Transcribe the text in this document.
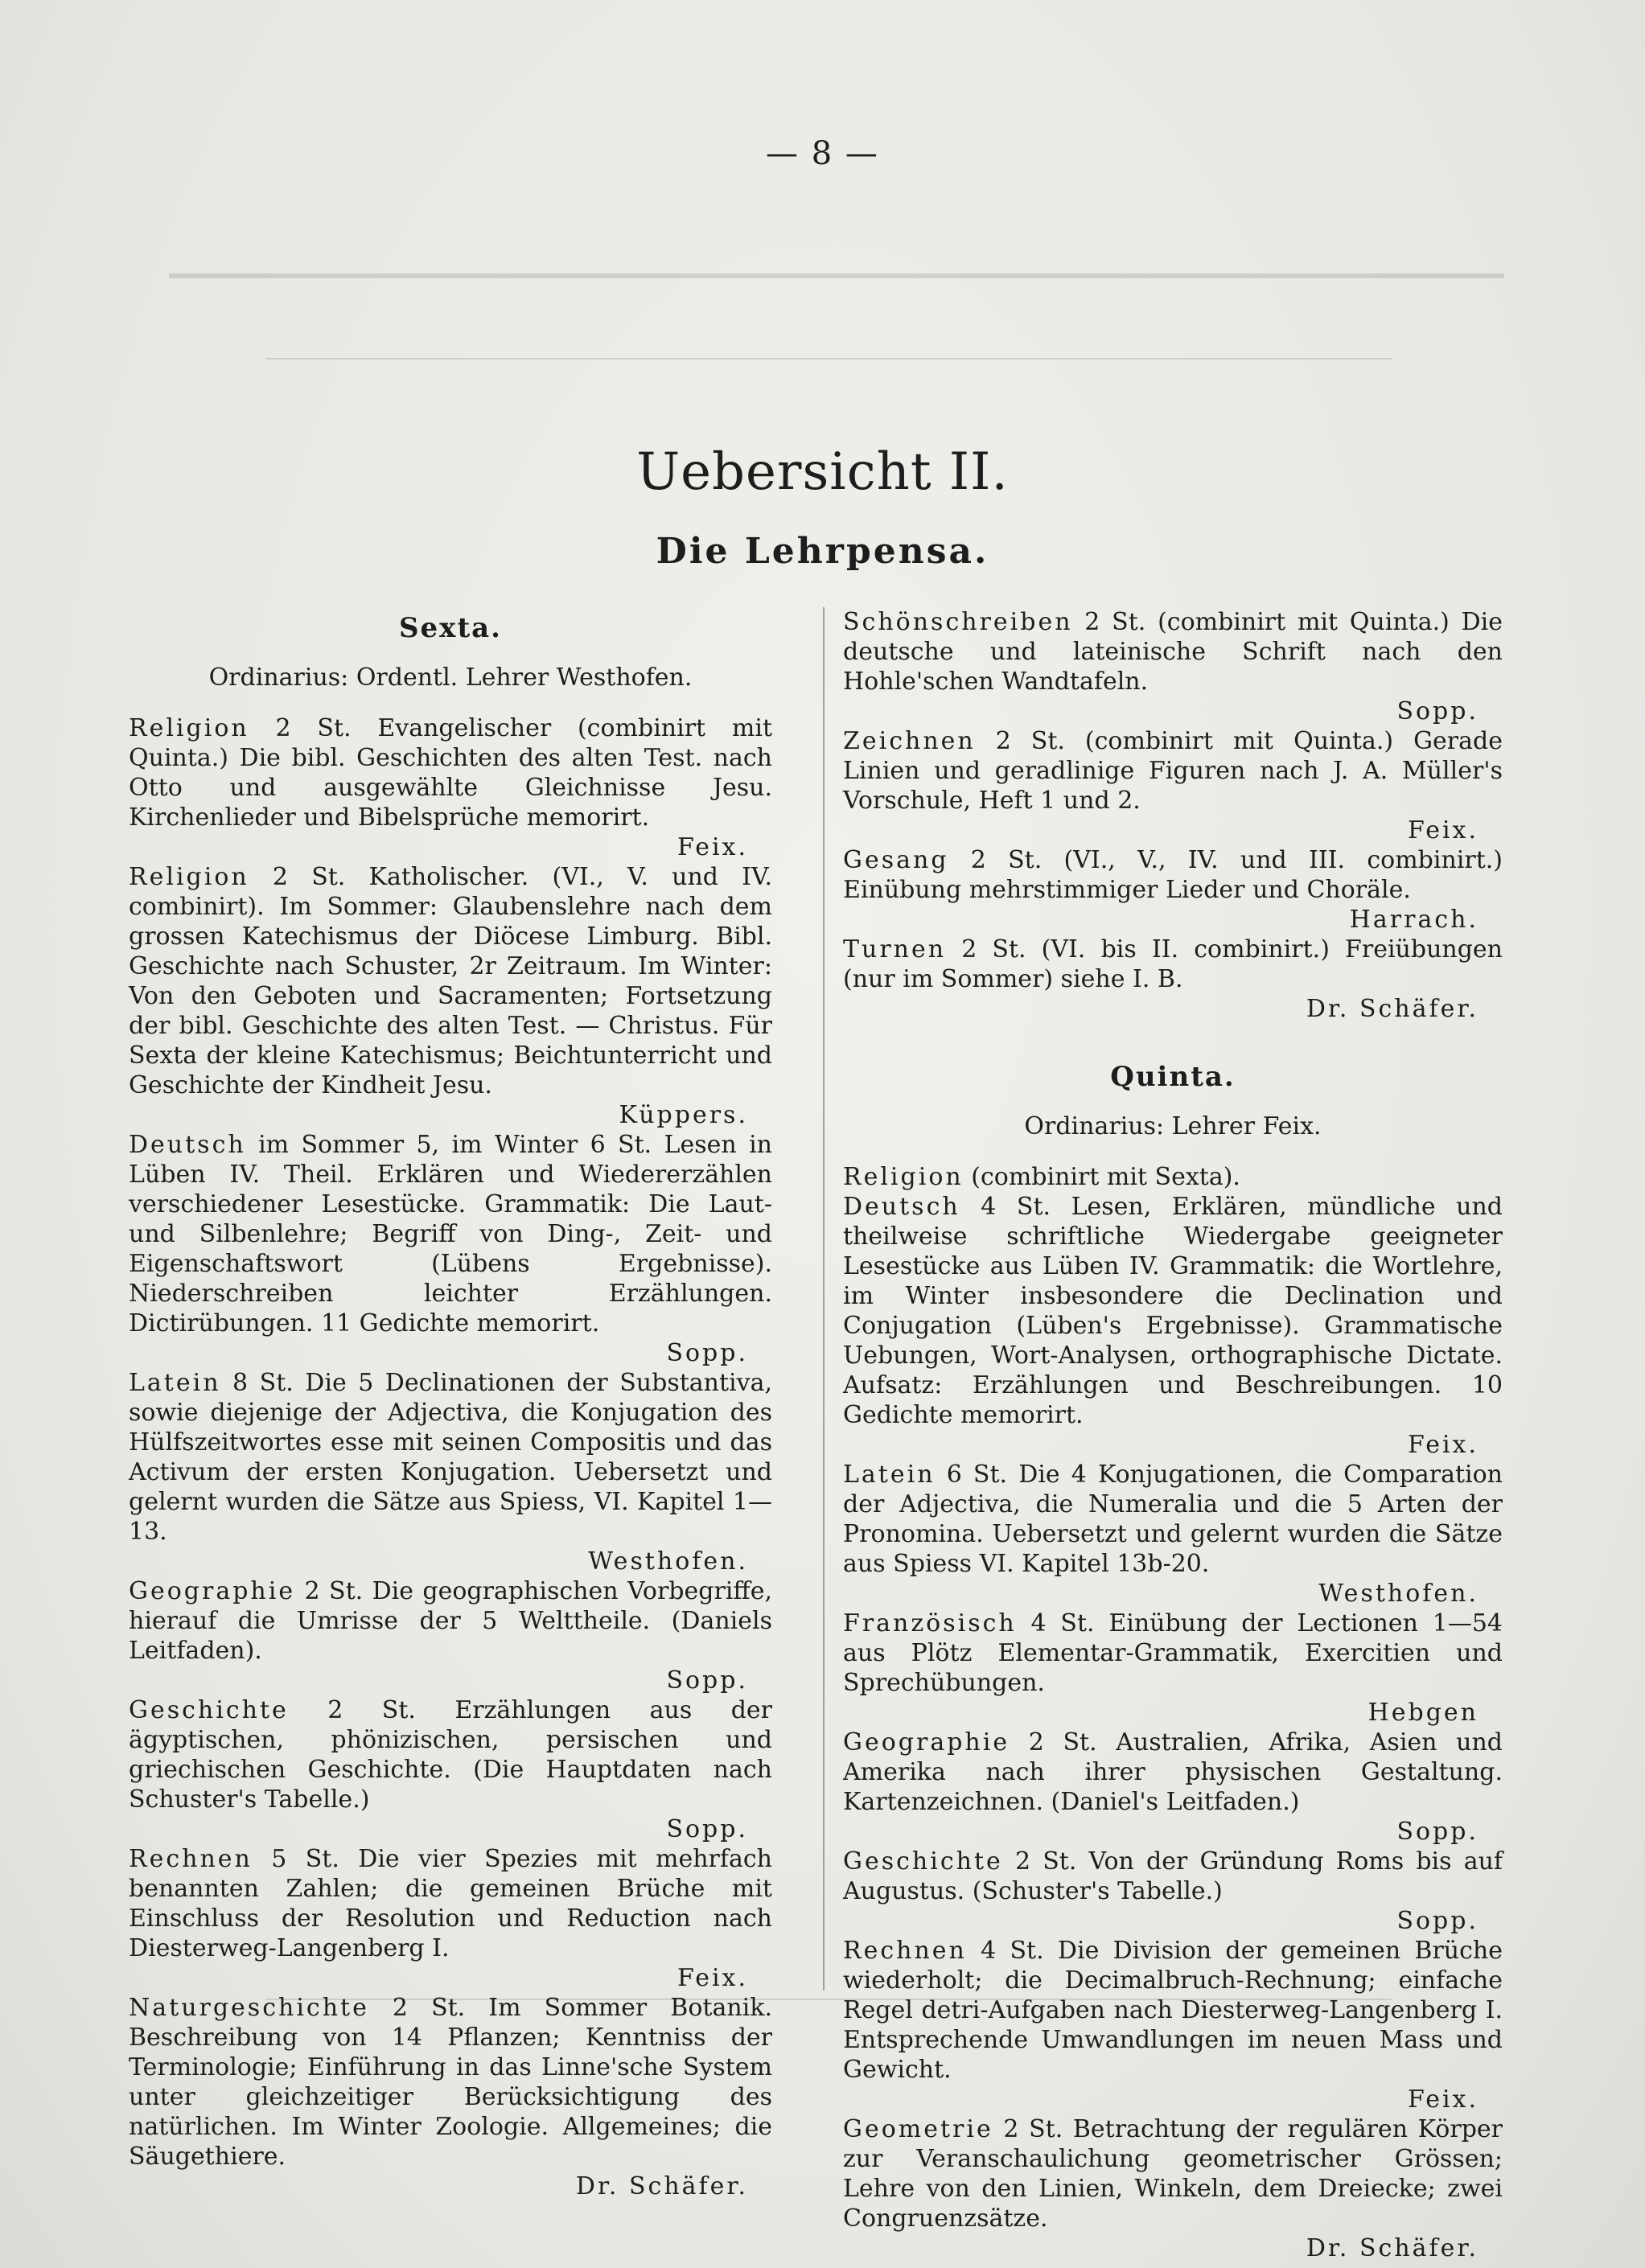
— 8 —
Uebersicht II.
Die Lehrpensa.
Sexta.
Ordinarius: Ordentl. Lehrer Westhofen.

Religion 2 St. Evangelischer (combinirt mit Quinta.) Die bibl. Geschichten des alten Test. nach Otto und ausgewählte Gleichnisse Jesu. Kirchenlieder und Bibelsprüche memorirt.
Feix.

Religion 2 St. Katholischer. (VI., V. und IV. combinirt). Im Sommer: Glaubenslehre nach dem grossen Katechismus der Diöcese Limburg. Bibl. Geschichte nach Schuster, 2r Zeitraum. Im Winter: Von den Geboten und Sacramenten; Fortsetzung der bibl. Geschichte des alten Test. — Christus. Für Sexta der kleine Katechismus; Beichtunterricht und Geschichte der Kindheit Jesu.
Küppers.

Deutsch im Sommer 5, im Winter 6 St. Lesen in Lüben IV. Theil. Erklären und Wiedererzählen verschiedener Lesestücke. Grammatik: Die Laut- und Silbenlehre; Begriff von Ding-, Zeit- und Eigenschaftswort (Lübens Ergebnisse). Niederschreiben leichter Erzählungen. Dictirübungen. 11 Gedichte memorirt.
Sopp.

Latein 8 St. Die 5 Declinationen der Substantiva, sowie diejenige der Adjectiva, die Konjugation des Hülfszeitwortes esse mit seinen Compositis und das Activum der ersten Konjugation. Uebersetzt und gelernt wurden die Sätze aus Spiess, VI. Kapitel 1—13.
Westhofen.

Geographie 2 St. Die geographischen Vorbegriffe, hierauf die Umrisse der 5 Welttheile. (Daniels Leitfaden).
Sopp.

Geschichte 2 St. Erzählungen aus der ägyptischen, phönizischen, persischen und griechischen Geschichte. (Die Hauptdaten nach Schuster's Tabelle.)
Sopp.

Rechnen 5 St. Die vier Spezies mit mehrfach benannten Zahlen; die gemeinen Brüche mit Einschluss der Resolution und Reduction nach Diesterweg-Langenberg I.
Feix.

Naturgeschichte 2 St. Im Sommer Botanik. Beschreibung von 14 Pflanzen; Kenntniss der Terminologie; Einführung in das Linne'sche System unter gleichzeitiger Berücksichtigung des natürlichen. Im Winter Zoologie. Allgemeines; die Säugethiere.
Dr. Schäfer.

Schönschreiben 2 St. (combinirt mit Quinta.) Die deutsche und lateinische Schrift nach den Hohle'schen Wandtafeln.
Sopp.

Zeichnen 2 St. (combinirt mit Quinta.) Gerade Linien und geradlinige Figuren nach J. A. Müller's Vorschule, Heft 1 und 2.
Feix.

Gesang 2 St. (VI., V., IV. und III. combinirt.) Einübung mehrstimmiger Lieder und Choräle.
Harrach.

Turnen 2 St. (VI. bis II. combinirt.) Freiübungen (nur im Sommer) siehe I. B.
Dr. Schäfer.

Quinta.
Ordinarius: Lehrer Feix.

Religion (combinirt mit Sexta).

Deutsch 4 St. Lesen, Erklären, mündliche und theilweise schriftliche Wiedergabe geeigneter Lesestücke aus Lüben IV. Grammatik: die Wortlehre, im Winter insbesondere die Declination und Conjugation (Lüben's Ergebnisse). Grammatische Uebungen, Wort-Analysen, orthographische Dictate. Aufsatz: Erzählungen und Beschreibungen. 10 Gedichte memorirt.
Feix.

Latein 6 St. Die 4 Konjugationen, die Comparation der Adjectiva, die Numeralia und die 5 Arten der Pronomina. Uebersetzt und gelernt wurden die Sätze aus Spiess VI. Kapitel 13b-20.
Westhofen.

Französisch 4 St. Einübung der Lectionen 1—54 aus Plötz Elementar-Grammatik, Exercitien und Sprechübungen.
Hebgen

Geographie 2 St. Australien, Afrika, Asien und Amerika nach ihrer physischen Gestaltung. Kartenzeichnen. (Daniel's Leitfaden.)
Sopp.

Geschichte 2 St. Von der Gründung Roms bis auf Augustus. (Schuster's Tabelle.)
Sopp.

Rechnen 4 St. Die Division der gemeinen Brüche wiederholt; die Decimalbruch-Rechnung; einfache Regel detri-Aufgaben nach Diesterweg-Langenberg I. Entsprechende Umwandlungen im neuen Mass und Gewicht.
Feix.

Geometrie 2 St. Betrachtung der regulären Körper zur Veranschaulichung geometrischer Grössen; Lehre von den Linien, Winkeln, dem Dreiecke; zwei Congruenzsätze.
Dr. Schäfer.
